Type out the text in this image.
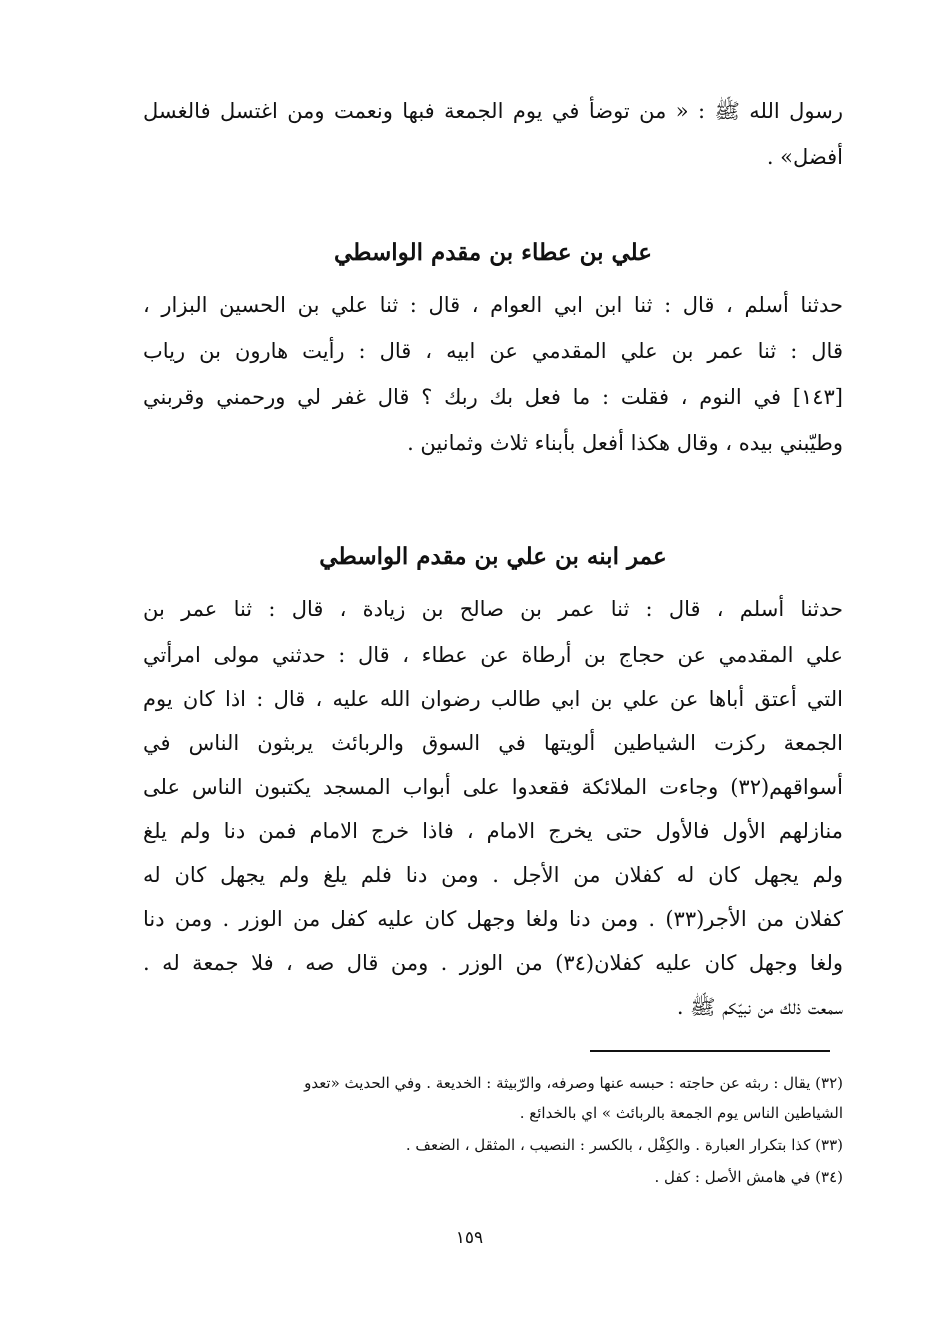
رسول الله ﷺ : « من توضأ في يوم الجمعة فبها ونعمت ومن اغتسل فالغسل
أفضل» .
علي بن عطاء بن مقدم الواسطي
حدثنا أسلم ، قال : ثنا ابن ابي العوام ، قال : ثنا علي بن الحسين البزار ،
قال : ثنا عمر بن علي المقدمي عن ابيه ، قال : رأيت هارون بن رياب
[١٤٣] في النوم ، فقلت : ما فعل بك ربك ؟ قال غفر لي ورحمني وقربني
وطيّبني بيده ، وقال هكذا أفعل بأبناء ثلاث وثمانين .
عمر ابنه بن علي بن مقدم الواسطي
حدثنا أسلم ، قال : ثنا عمر بن صالح بن زيادة ، قال : ثنا عمر بن
علي المقدمي عن حجاج بن أرطاة عن عطاء ، قال : حدثني مولى امرأتي
التي أعتق أباها عن علي بن ابي طالب رضوان الله عليه ، قال : اذا كان يوم
الجمعة ركزت الشياطين ألويتها في السوق والربائث يربثون الناس في
أسواقهم(٣٢) وجاءت الملائكة فقعدوا على أبواب المسجد يكتبون الناس على
منازلهم الأول فالأول حتى يخرج الامام ، فاذا خرج الامام فمن دنا ولم يلغ
ولم يجهل كان له كفلان من الأجل . ومن دنا فلم يلغ ولم يجهل كان له
كفلان من الأجر(٣٣) . ومن دنا ولغا وجهل كان عليه كفل من الوزر . ومن دنا
ولغا وجهل كان عليه كفلان(٣٤) من الوزر . ومن قال صه ، فلا جمعة له .
سمعت ذلك من نبيّكم ﷺ .
(٣٢) يقال : ربثه عن حاجته : حبسه عنها وصرفه، والرّبيثة : الخديعة . وفي الحديث «تعدو
الشياطين الناس يوم الجمعة بالربائث » اي بالخدائع .
(٣٣) كذا بتكرار العبارة . والكِفْل ، بالكسر : النصيب ، المثقل ، الضعف .
(٣٤) في هامش الأصل : كفل .
١٥٩
